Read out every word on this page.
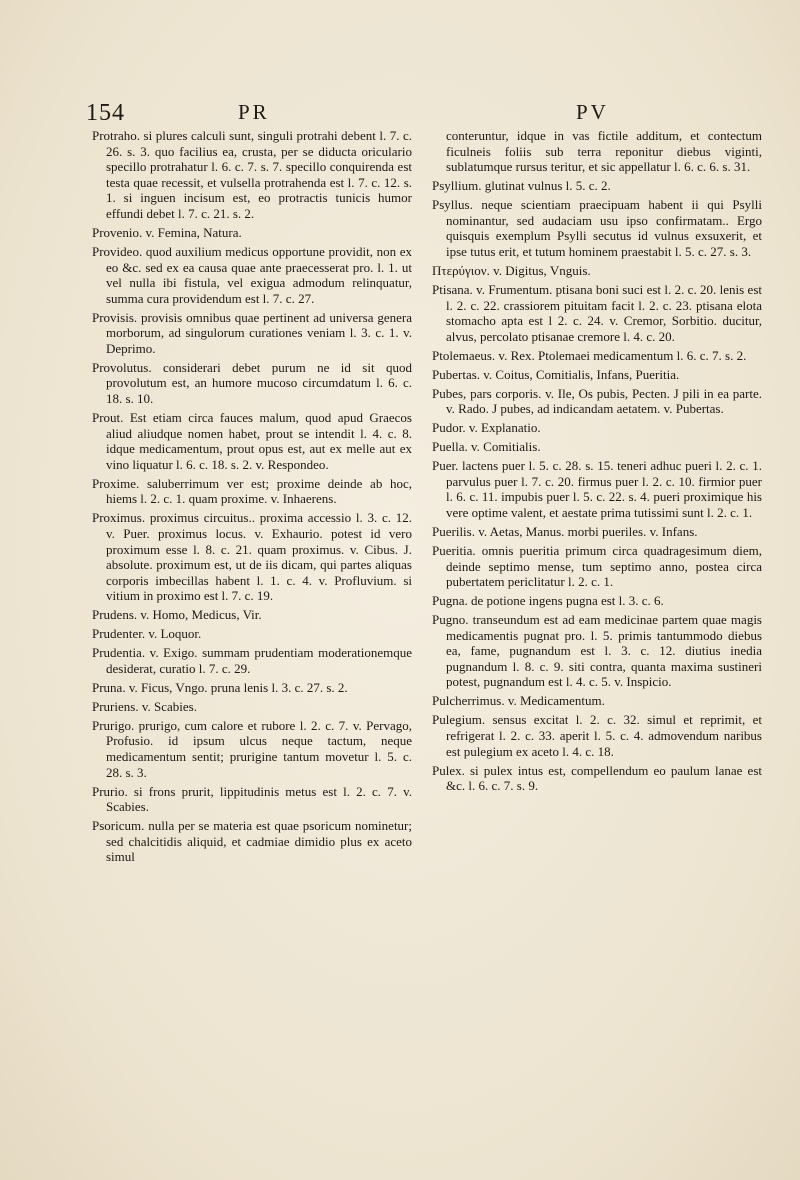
154	PR	PV

Protraho. si plures calculi sunt, singuli protrahi debent l. 7. c. 26. s. 3. quo facilius ea, crusta, per se diducta oriculario specillo protrahatur l. 6. c. 7. s. 7. specillo conquirenda est testa quae recessit, et vulsella protrahenda est l. 7. c. 12. s. 1. si inguen incisum est, eo protractis tunicis humor effundi debet l. 7. c. 21. s. 2.

Provenio. v. Femina, Natura.

Provideo. quod auxilium medicus opportune providit, non ex eo &c. sed ex ea causa quae ante praecesserat pro. l. 1. ut vel nulla ibi fistula, vel exigua admodum relinquatur, summa cura providendum est l. 7. c. 27.

Provisis. provisis omnibus quae pertinent ad universa genera morborum, ad singulorum curationes veniam l. 3. c. 1. v. Deprimo.

Provolutus. considerari debet purum ne id sit quod provolutum est, an humore mucoso circumdatum l. 6. c. 18. s. 10.

Prout. Est etiam circa fauces malum, quod apud Graecos aliud aliudque nomen habet, prout se intendit l. 4. c. 8. idque medicamentum, prout opus est, aut ex melle aut ex vino liquatur l. 6. c. 18. s. 2. v. Respondeo.

Proxime. saluberrimum ver est; proxime deinde ab hoc, hiems l. 2. c. 1. quam proxime. v. Inhaerens.

Proximus. proximus circuitus.. proxima accessio l. 3. c. 12. v. Puer. proximus locus. v. Exhaurio. potest id vero proximum esse l. 8. c. 21. quam proximus. v. Cibus. J. absolute. proximum est, ut de iis dicam, qui partes aliquas corporis imbecillas habent l. 1. c. 4. v. Profluvium. si vitium in proximo est l. 7. c. 19.

Prudens. v. Homo, Medicus, Vir.

Prudenter. v. Loquor.

Prudentia. v. Exigo. summam prudentiam moderationemque desiderat, curatio l. 7. c. 29.

Pruna. v. Ficus, Vngo. pruna lenis l. 3. c. 27. s. 2.

Pruriens. v. Scabies.

Prurigo. prurigo, cum calore et rubore l. 2. c. 7. v. Pervago, Profusio. id ipsum ulcus neque tactum, neque medicamentum sentit; prurigine tantum movetur l. 5. c. 28. s. 3.

Prurio. si frons prurit, lippitudinis metus est l. 2. c. 7. v. Scabies.

Psoricum. nulla per se materia est quae psoricum nominetur; sed chalcitidis aliquid, et cadmiae dimidio plus ex aceto simul

conteruntur, idque in vas fictile additum, et contectum ficulneis foliis sub terra reponitur diebus viginti, sublatumque rursus teritur, et sic appellatur l. 6. c. 6. s. 31.

Psyllium. glutinat vulnus l. 5. c. 2.

Psyllus. neque scientiam praecipuam habent ii qui Psylli nominantur, sed audaciam usu ipso confirmatam.. Ergo quisquis exemplum Psylli secutus id vulnus exsuxerit, et ipse tutus erit, et tutum hominem praestabit l. 5. c. 27. s. 3.

Πτερύγιον. v. Digitus, Vnguis.

Ptisana. v. Frumentum. ptisana boni suci est l. 2. c. 20. lenis est l. 2. c. 22. crassiorem pituitam facit l. 2. c. 23. ptisana elota stomacho apta est l 2. c. 24. v. Cremor, Sorbitio. ducitur, alvus, percolato ptisanae cremore l. 4. c. 20.

Ptolemaeus. v. Rex. Ptolemaei medicamentum l. 6. c. 7. s. 2.

Pubertas. v. Coitus, Comitialis, Infans, Pueritia.

Pubes, pars corporis. v. Ile, Os pubis, Pecten. J pili in ea parte. v. Rado. J pubes, ad indicandam aetatem. v. Pubertas.

Pudor. v. Explanatio.

Puella. v. Comitialis.

Puer. lactens puer l. 5. c. 28. s. 15. teneri adhuc pueri l. 2. c. 1. parvulus puer l. 7. c. 20. firmus puer l. 2. c. 10. firmior puer l. 6. c. 11. impubis puer l. 5. c. 22. s. 4. pueri proximique his vere optime valent, et aestate prima tutissimi sunt l. 2. c. 1.

Puerilis. v. Aetas, Manus. morbi pueriles. v. Infans.

Pueritia. omnis pueritia primum circa quadragesimum diem, deinde septimo mense, tum septimo anno, postea circa pubertatem periclitatur l. 2. c. 1.

Pugna. de potione ingens pugna est l. 3. c. 6.

Pugno. transeundum est ad eam medicinae partem quae magis medicamentis pugnat pro. l. 5. primis tantummodo diebus ea, fame, pugnandum est l. 3. c. 12. diutius inedia pugnandum l. 8. c. 9. siti contra, quanta maxima sustineri potest, pugnandum est l. 4. c. 5. v. Inspicio.

Pulcherrimus. v. Medicamentum.

Pulegium. sensus excitat l. 2. c. 32. simul et reprimit, et refrigerat l. 2. c. 33. aperit l. 5. c. 4. admovendum naribus est pulegium ex aceto l. 4. c. 18.

Pulex. si pulex intus est, compellendum eo paulum lanae est &c. l. 6. c. 7. s. 9.
